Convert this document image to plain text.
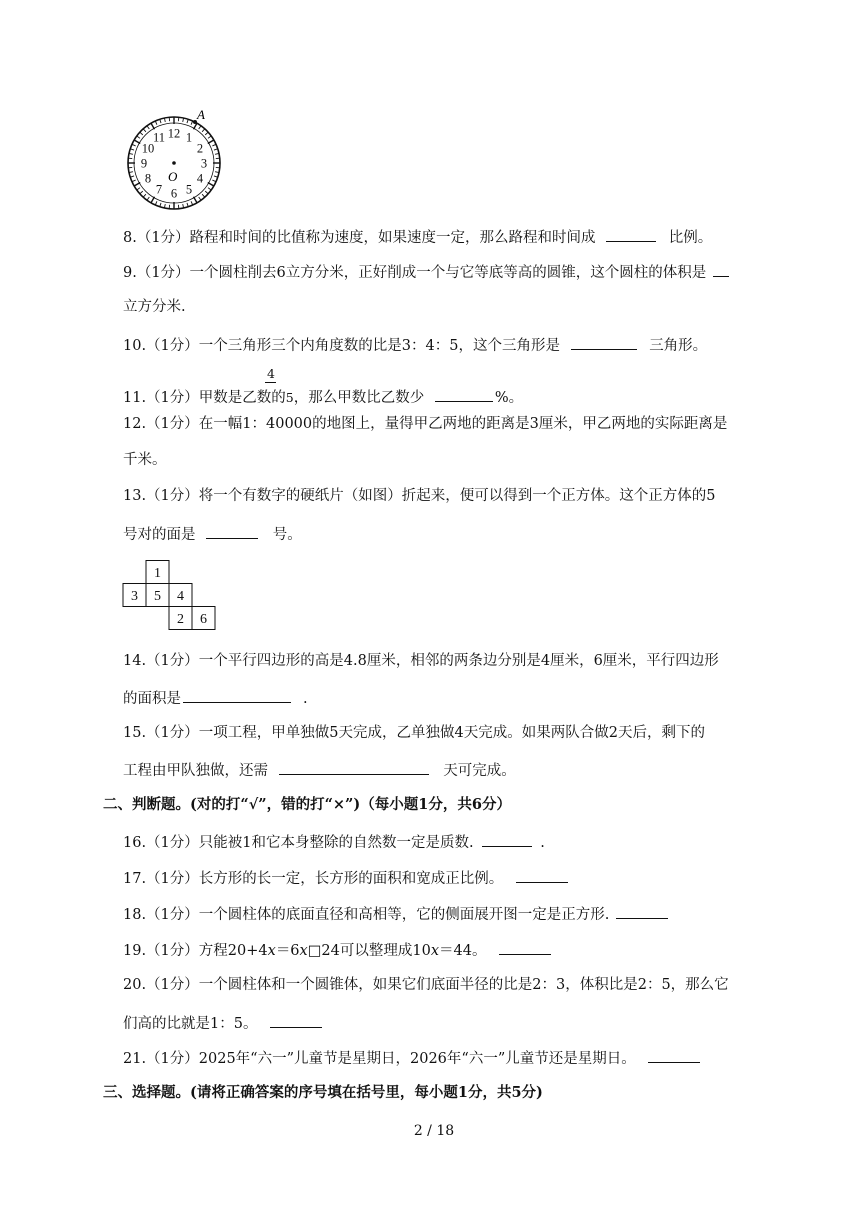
12 1
2
3
4
5
6
7
8
9
10
11
O
A
8.（1分）路程和时间的比值称为速度，如果速度一定，那么路程和时间成	比例。
9.（1分）一个圆柱削去6立方分米，正好削成一个与它等底等高的圆锥，这个圆柱的体积是
立方分米.
10.（1分）一个三角形三个内角度数的比是3：4：5，这个三角形是	三角形。
4
11.（1分）甲数是乙数的5，那么甲数比乙数少	%。
12.（1分）在一幅1：40000的地图上，量得甲乙两地的距离是3厘米，甲乙两地的实际距离是
千米。
13.（1分）将一个有数字的硬纸片（如图）折起来，便可以得到一个正方体。这个正方体的5
号对的面是	号。
1
3 5 4
2 6
14.（1分）一个平行四边形的高是4.8厘米，相邻的两条边分别是4厘米，6厘米，平行四边形
的面积是	.
15.（1分）一项工程，甲单独做5天完成，乙单独做4天完成。如果两队合做2天后，剩下的
工程由甲队独做，还需	天可完成。
二、判断题。(对的打“√”，错的打“×”)（每小题1分，共6分）
16.（1分）只能被1和它本身整除的自然数一定是质数.	.
17.（1分）长方形的长一定，长方形的面积和宽成正比例。
18.（1分）一个圆柱体的底面直径和高相等，它的侧面展开图一定是正方形.
19.（1分）方程20+4x＝6x□24可以整理成10x＝44。
20.（1分）一个圆柱体和一个圆锥体，如果它们底面半径的比是2：3，体积比是2：5，那么它
们高的比就是1：5。
21.（1分）2025年“六一”儿童节是星期日，2026年“六一”儿童节还是星期日。
三、选择题。(请将正确答案的序号填在括号里，每小题1分，共5分)
2 / 18
